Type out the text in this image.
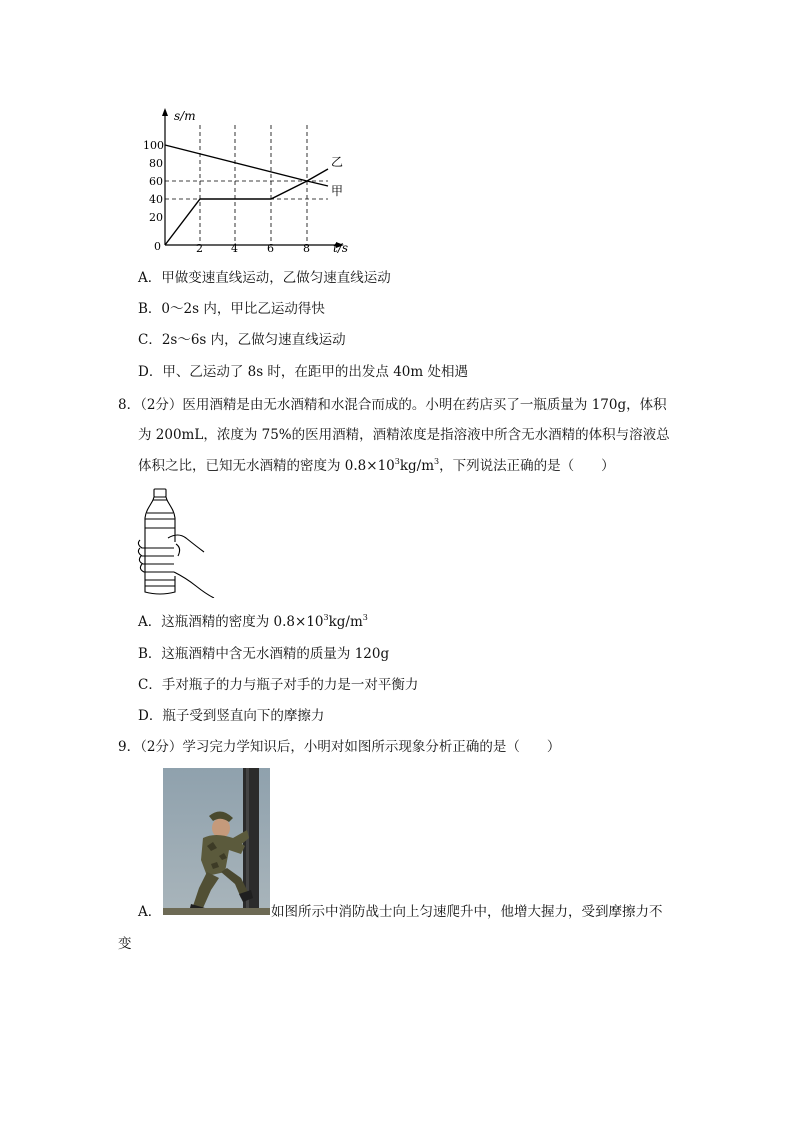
s/m
100
80
60
40
20
0	2	4	6	8 t/s
乙
甲
A．甲做变速直线运动，乙做匀速直线运动
B．0～2s 内，甲比乙运动得快
C．2s～6s 内，乙做匀速直线运动
D．甲、乙运动了 8s 时，在距甲的出发点 40m 处相遇
8．（2分）医用酒精是由无水酒精和水混合而成的。小明在药店买了一瓶质量为 170g，体积
为 200mL，浓度为 75%的医用酒精，酒精浓度是指溶液中所含无水酒精的体积与溶液总
体积之比，已知无水酒精的密度为 $0.8\times 10^3kg/m^3$，下列说法正确的是（　　）
A．这瓶酒精的密度为 $0.8\times 10^3kg/m^3$
B．这瓶酒精中含无水酒精的质量为 120g
C．手对瓶子的力与瓶子对手的力是一对平衡力
D．瓶子受到竖直向下的摩擦力
9．（2分）学习完力学知识后，小明对如图所示现象分析正确的是（　　）
A．	如图所示中消防战士向上匀速爬升中，他增大握力，受到摩擦力不
变
